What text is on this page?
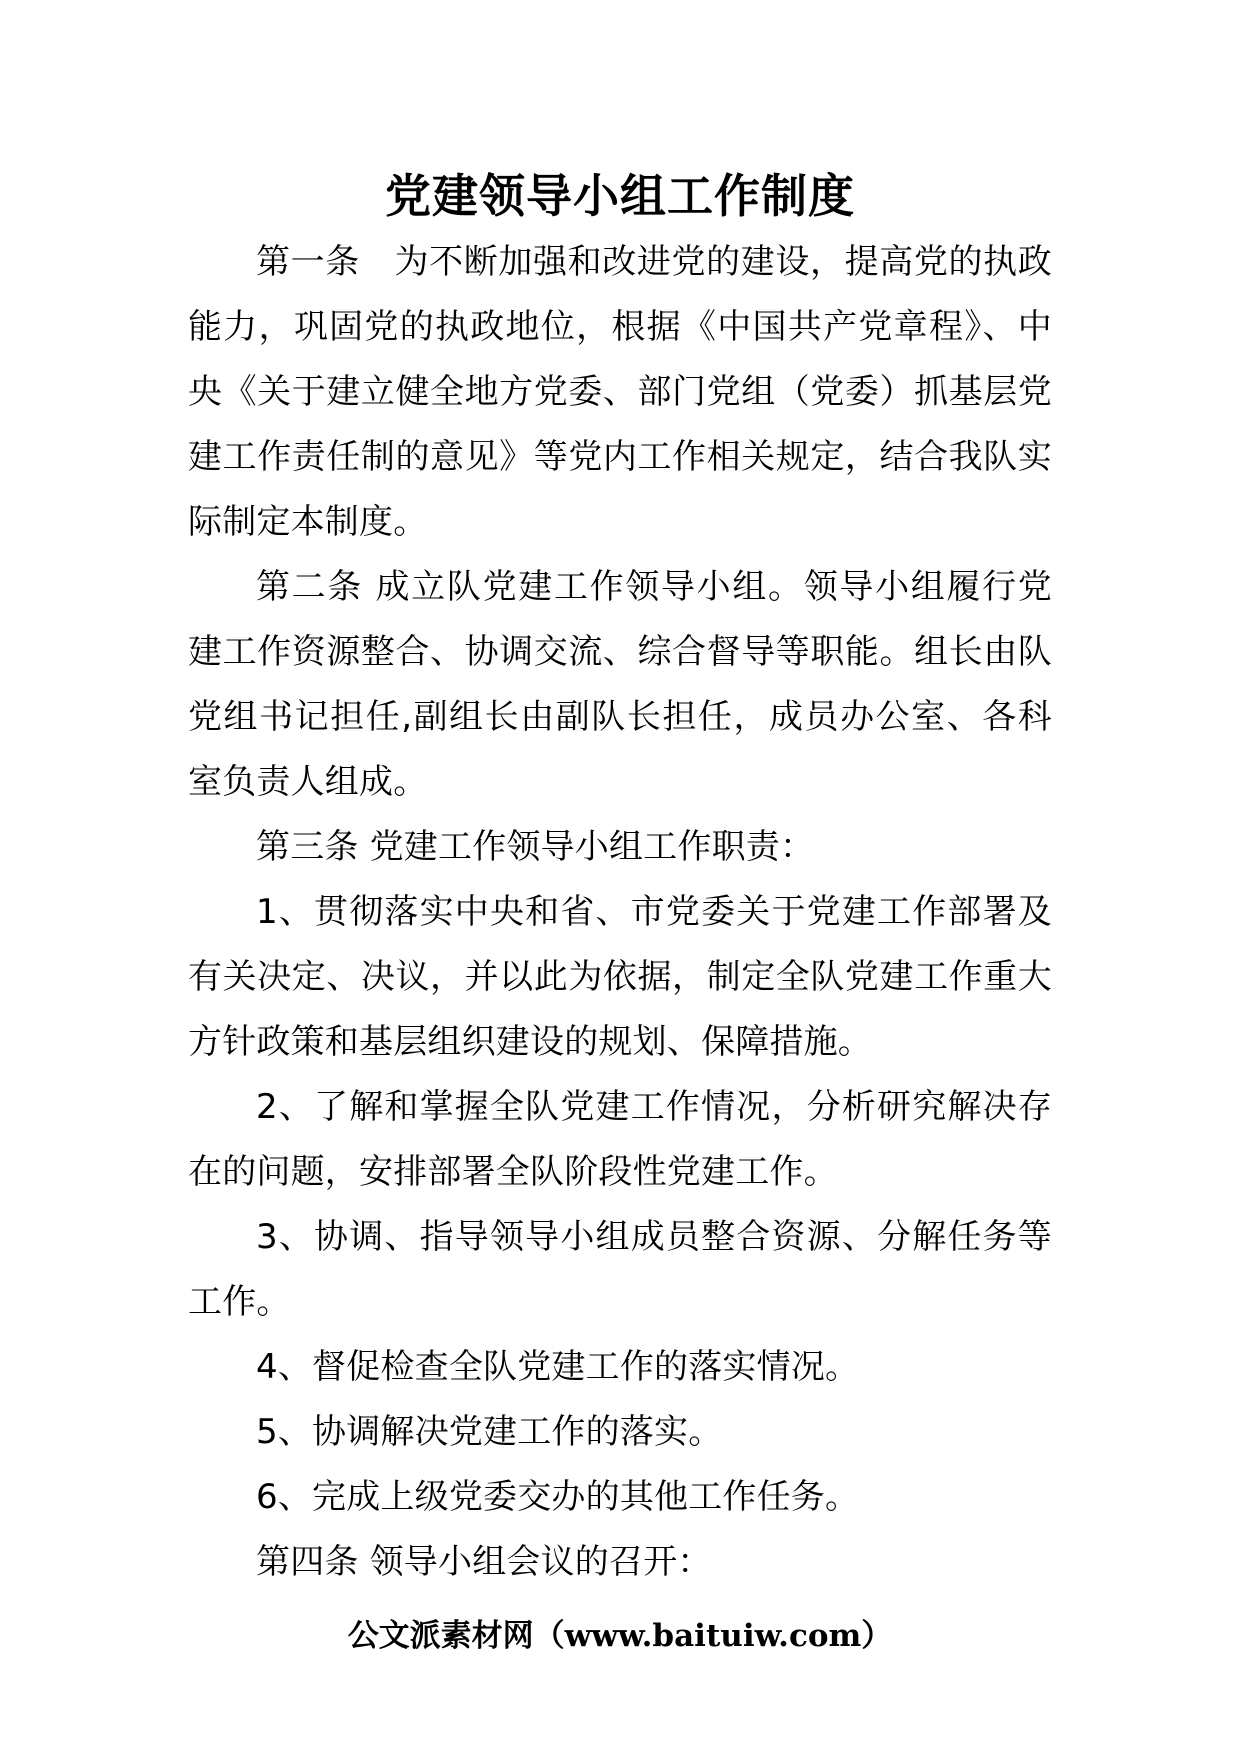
党建领导小组工作制度

第一条　为不断加强和改进党的建设，提高党的执政能力，巩固党的执政地位，根据《中国共产党章程》、中央《关于建立健全地方党委、部门党组（党委）抓基层党建工作责任制的意见》等党内工作相关规定，结合我队实际制定本制度。

第二条 成立队党建工作领导小组。领导小组履行党建工作资源整合、协调交流、综合督导等职能。组长由队党组书记担任,副组长由副队长担任，成员办公室、各科室负责人组成。

第三条 党建工作领导小组工作职责：

1、贯彻落实中央和省、市党委关于党建工作部署及有关决定、决议，并以此为依据，制定全队党建工作重大方针政策和基层组织建设的规划、保障措施。

2、了解和掌握全队党建工作情况，分析研究解决存在的问题，安排部署全队阶段性党建工作。

3、协调、指导领导小组成员整合资源、分解任务等工作。

4、督促检查全队党建工作的落实情况。

5、协调解决党建工作的落实。

6、完成上级党委交办的其他工作任务。

第四条 领导小组会议的召开：

公文派素材网（www.baituiw.com）
